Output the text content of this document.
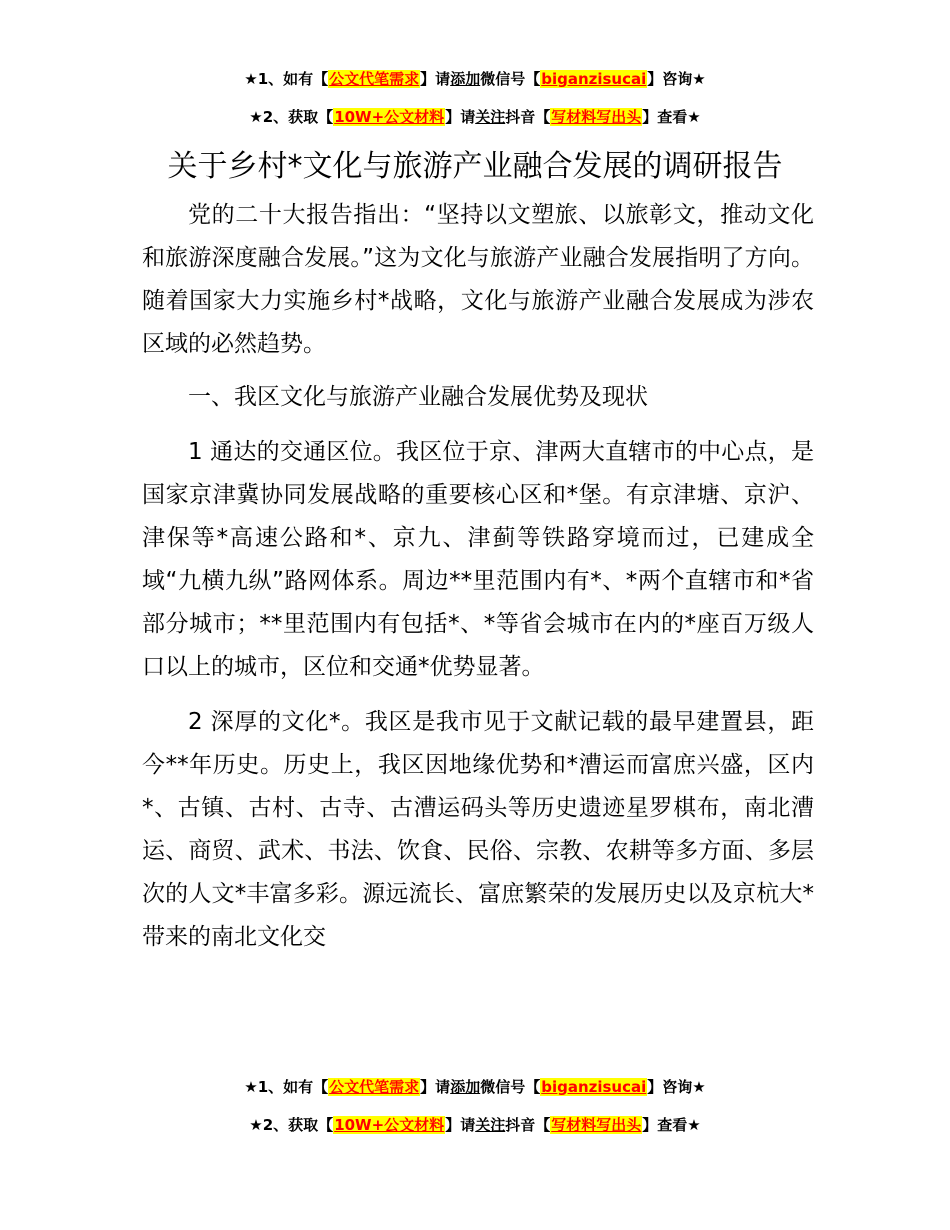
★1、如有【公文代笔需求】请添加微信号【biganzisucai】咨询★
★2、获取【10W+公文材料】请关注抖音【写材料写出头】查看★
关于乡村*文化与旅游产业融合发展的调研报告

党的二十大报告指出：“坚持以文塑旅、以旅彰文，推动文化和旅游深度融合发展。”这为文化与旅游产业融合发展指明了方向。随着国家大力实施乡村*战略，文化与旅游产业融合发展成为涉农区域的必然趋势。

一、我区文化与旅游产业融合发展优势及现状

1 通达的交通区位。我区位于京、津两大直辖市的中心点，是国家京津冀协同发展战略的重要核心区和*堡。有京津塘、京沪、津保等*高速公路和*、京九、津蓟等铁路穿境而过，已建成全域“九横九纵”路网体系。周边**里范围内有*、*两个直辖市和*省部分城市；**里范围内有包括*、*等省会城市在内的*座百万级人口以上的城市，区位和交通*优势显著。

2 深厚的文化*。我区是我市见于文献记载的最早建置县，距今**年历史。历史上，我区因地缘优势和*漕运而富庶兴盛，区内*、古镇、古村、古寺、古漕运码头等历史遗迹星罗棋布，南北漕运、商贸、武术、书法、饮食、民俗、宗教、农耕等多方面、多层次的人文*丰富多彩。源远流长、富庶繁荣的发展历史以及京杭大*带来的南北文化交

★1、如有【公文代笔需求】请添加微信号【biganzisucai】咨询★
★2、获取【10W+公文材料】请关注抖音【写材料写出头】查看★
